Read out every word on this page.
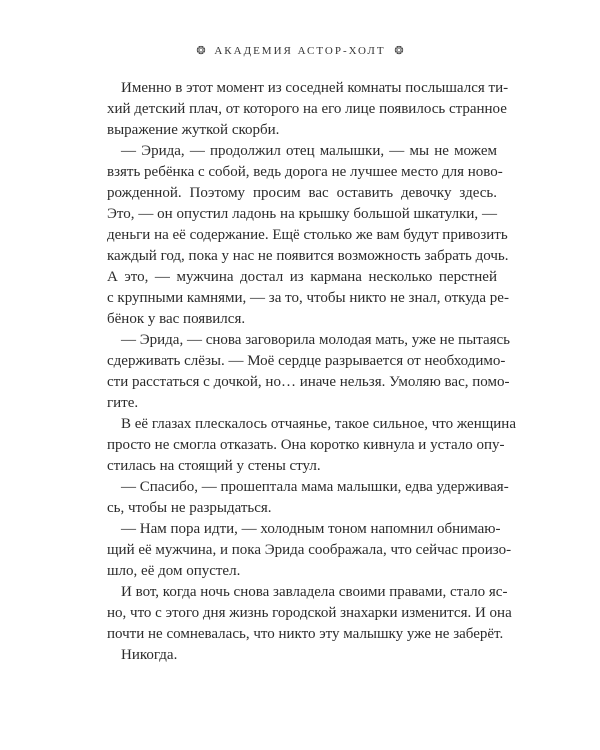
❂ АКАДЕМИЯ АСТОР-ХОЛТ ❂
Именно в этот момент из соседней комнаты послышался ти-
хий детский плач, от которого на его лице появилось странное
выражение жуткой скорби.
— Эрида, — продолжил отец малышки, — мы не можем
взять ребёнка с собой, ведь дорога не лучшее место для ново-
рожденной. Поэтому просим вас оставить девочку здесь.
Это, — он опустил ладонь на крышку большой шкатулки, —
деньги на её содержание. Ещё столько же вам будут привозить
каждый год, пока у нас не появится возможность забрать дочь.
А это, — мужчина достал из кармана несколько перстней
с крупными камнями, — за то, чтобы никто не знал, откуда ре-
бёнок у вас появился.
— Эрида, — снова заговорила молодая мать, уже не пытаясь
сдерживать слёзы. — Моё сердце разрывается от необходимо-
сти расстаться с дочкой, но… иначе нельзя. Умоляю вас, помо-
гите.
В её глазах плескалось отчаянье, такое сильное, что женщина
просто не смогла отказать. Она коротко кивнула и устало опу-
стилась на стоящий у стены стул.
— Спасибо, — прошептала мама малышки, едва удерживая-
сь, чтобы не разрыдаться.
— Нам пора идти, — холодным тоном напомнил обнимаю-
щий её мужчина, и пока Эрида соображала, что сейчас произо-
шло, её дом опустел.
И вот, когда ночь снова завладела своими правами, стало яс-
но, что с этого дня жизнь городской знахарки изменится. И она
почти не сомневалась, что никто эту малышку уже не заберёт.
Никогда.
